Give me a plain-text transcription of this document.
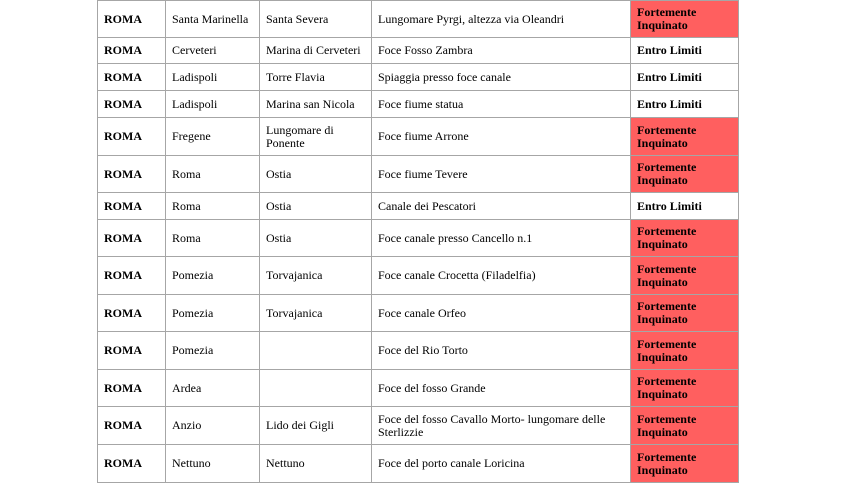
ROMA	Santa Marinella	Santa Severa	Lungomare Pyrgi, altezza via Oleandri	Fortemente Inquinato
ROMA	Cerveteri	Marina di Cerveteri	Foce Fosso Zambra	Entro Limiti
ROMA	Ladispoli	Torre Flavia	Spiaggia presso foce canale	Entro Limiti
ROMA	Ladispoli	Marina san Nicola	Foce fiume statua	Entro Limiti
ROMA	Fregene	Lungomare di Ponente	Foce fiume Arrone	Fortemente Inquinato
ROMA	Roma	Ostia	Foce fiume Tevere	Fortemente Inquinato
ROMA	Roma	Ostia	Canale dei Pescatori	Entro Limiti
ROMA	Roma	Ostia	Foce canale presso Cancello n.1	Fortemente Inquinato
ROMA	Pomezia	Torvajanica	Foce canale Crocetta (Filadelfia)	Fortemente Inquinato
ROMA	Pomezia	Torvajanica	Foce canale Orfeo	Fortemente Inquinato
ROMA	Pomezia		Foce del Rio Torto	Fortemente Inquinato
ROMA	Ardea		Foce del fosso Grande	Fortemente Inquinato
ROMA	Anzio	Lido dei Gigli	Foce del fosso Cavallo Morto- lungomare delle Sterlizzie	Fortemente Inquinato
ROMA	Nettuno	Nettuno	Foce del porto canale Loricina	Fortemente Inquinato
